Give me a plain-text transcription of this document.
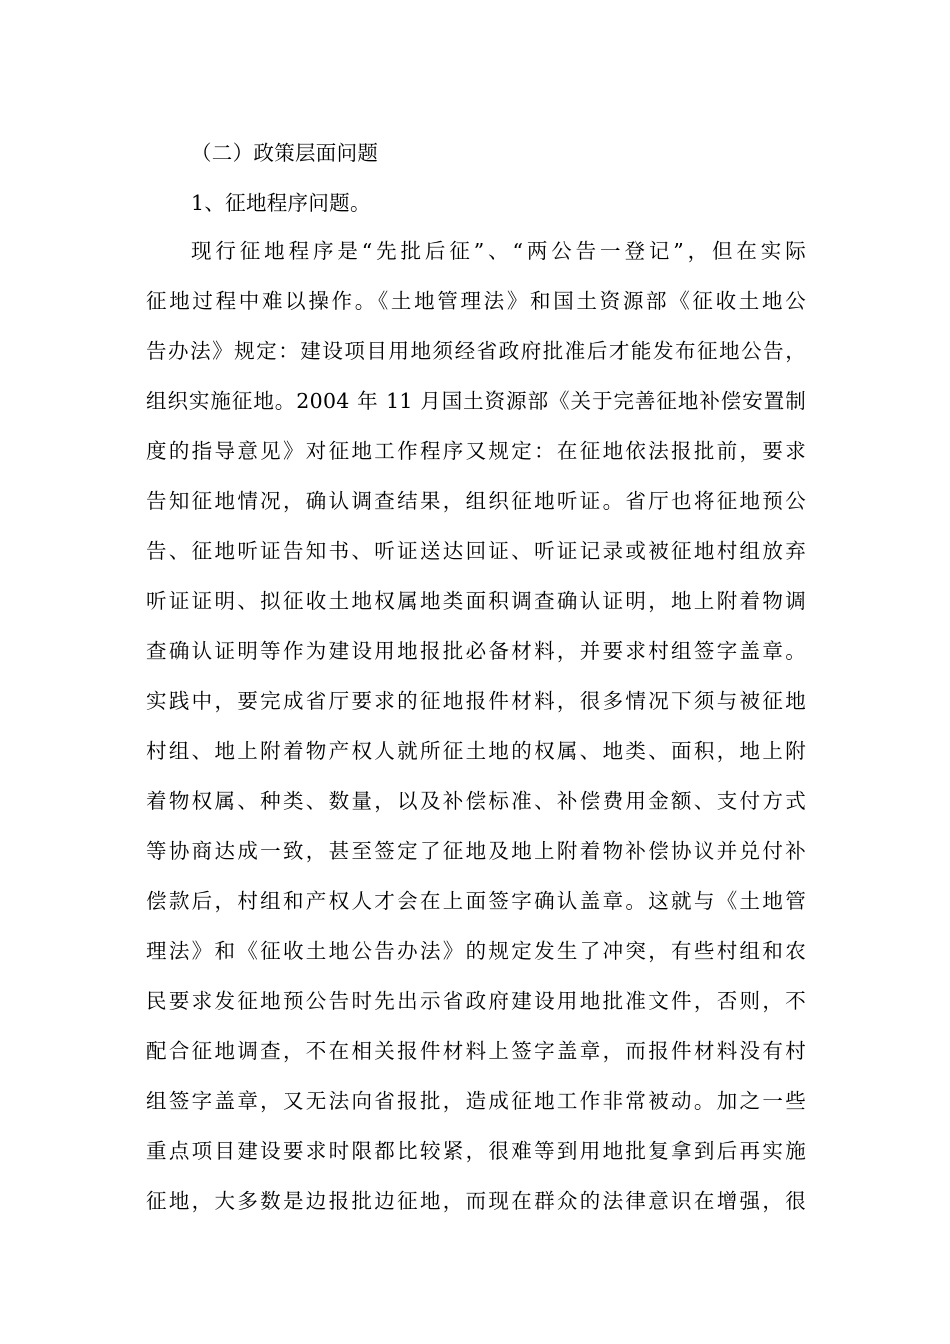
（二）政策层面问题
1、征地程序问题。
现行征地程序是“先批后征”、“两公告一登记”，但在实际
征地过程中难以操作。《土地管理法》和国土资源部《征收土地公
告办法》规定：建设项目用地须经省政府批准后才能发布征地公告，
组织实施征地。2004 年 11 月国土资源部《关于完善征地补偿安置制
度的指导意见》对征地工作程序又规定：在征地依法报批前，要求
告知征地情况，确认调查结果，组织征地听证。省厅也将征地预公
告、征地听证告知书、听证送达回证、听证记录或被征地村组放弃
听证证明、拟征收土地权属地类面积调查确认证明，地上附着物调
查确认证明等作为建设用地报批必备材料，并要求村组签字盖章。
实践中，要完成省厅要求的征地报件材料，很多情况下须与被征地
村组、地上附着物产权人就所征土地的权属、地类、面积，地上附
着物权属、种类、数量，以及补偿标准、补偿费用金额、支付方式
等协商达成一致，甚至签定了征地及地上附着物补偿协议并兑付补
偿款后，村组和产权人才会在上面签字确认盖章。这就与《土地管
理法》和《征收土地公告办法》的规定发生了冲突，有些村组和农
民要求发征地预公告时先出示省政府建设用地批准文件，否则，不
配合征地调查，不在相关报件材料上签字盖章，而报件材料没有村
组签字盖章，又无法向省报批，造成征地工作非常被动。加之一些
重点项目建设要求时限都比较紧，很难等到用地批复拿到后再实施
征地，大多数是边报批边征地，而现在群众的法律意识在增强，很
